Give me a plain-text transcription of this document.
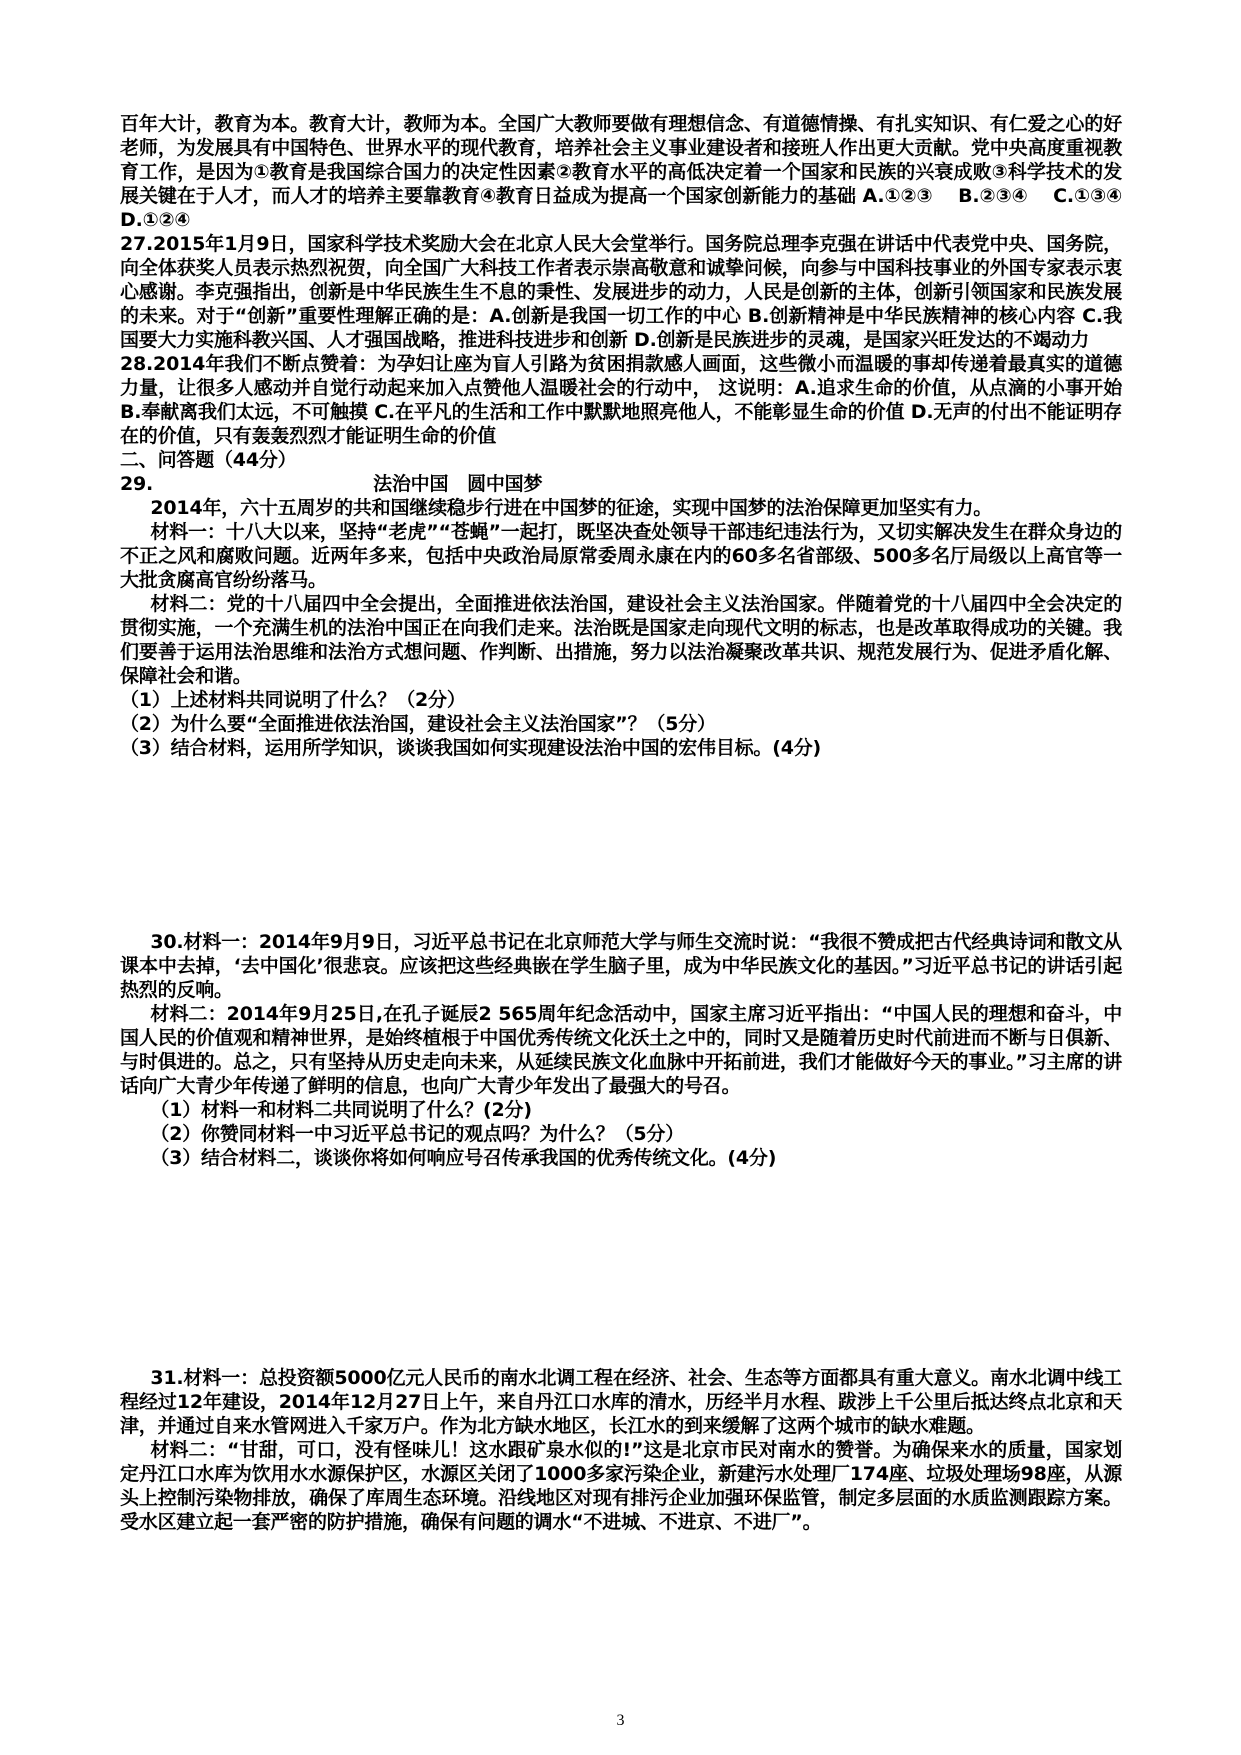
百年大计，教育为本。教育大计，教师为本。全国广大教师要做有理想信念、有道德情操、有扎实知识、有仁爱之心的好老师，为发展具有中国特色、世界水平的现代教育，培养社会主义事业建设者和接班人作出更大贡献。党中央高度重视教育工作，是因为①教育是我国综合国力的决定性因素②教育水平的高低决定着一个国家和民族的兴衰成败③科学技术的发展关键在于人才，而人才的培养主要靠教育④教育日益成为提高一个国家创新能力的基础 A.①②③　 B.②③④　 C.①③④　 D.①②④

27.2015年1月9日，国家科学技术奖励大会在北京人民大会堂举行。国务院总理李克强在讲话中代表党中央、国务院，向全体获奖人员表示热烈祝贺，向全国广大科技工作者表示崇高敬意和诚挚问候，向参与中国科技事业的外国专家表示衷心感谢。李克强指出，创新是中华民族生生不息的秉性、发展进步的动力，人民是创新的主体，创新引领国家和民族发展的未来。对于“创新”重要性理解正确的是：A.创新是我国一切工作的中心 B.创新精神是中华民族精神的核心内容 C.我国要大力实施科教兴国、人才强国战略，推进科技进步和创新 D.创新是民族进步的灵魂，是国家兴旺发达的不竭动力

28.2014年我们不断点赞着：为孕妇让座为盲人引路为贫困捐款感人画面，这些微小而温暖的事却传递着最真实的道德力量，让很多人感动并自觉行动起来加入点赞他人温暖社会的行动中， 这说明：A.追求生命的价值，从点滴的小事开始 B.奉献离我们太远，不可触摸 C.在平凡的生活和工作中默默地照亮他人，不能彰显生命的价值 D.无声的付出不能证明存在的价值，只有轰轰烈烈才能证明生命的价值

二、问答题（44分）

29.	法治中国　圆中国梦

2014年，六十五周岁的共和国继续稳步行进在中国梦的征途，实现中国梦的法治保障更加坚实有力。

材料一：十八大以来，坚持“老虎”“苍蝇”一起打，既坚决查处领导干部违纪违法行为，又切实解决发生在群众身边的不正之风和腐败问题。近两年多来，包括中央政治局原常委周永康在内的60多名省部级、500多名厅局级以上高官等一大批贪腐高官纷纷落马。

材料二：党的十八届四中全会提出，全面推进依法治国，建设社会主义法治国家。伴随着党的十八届四中全会决定的贯彻实施，一个充满生机的法治中国正在向我们走来。法治既是国家走向现代文明的标志，也是改革取得成功的关键。我们要善于运用法治思维和法治方式想问题、作判断、出措施，努力以法治凝聚改革共识、规范发展行为、促进矛盾化解、保障社会和谐。

（1）上述材料共同说明了什么？（2分）

（2）为什么要“全面推进依法治国，建设社会主义法治国家”？（5分）

（3）结合材料，运用所学知识，谈谈我国如何实现建设法治中国的宏伟目标。(4分)

30.材料一：2014年9月9日，习近平总书记在北京师范大学与师生交流时说：“我很不赞成把古代经典诗词和散文从课本中去掉，‘去中国化’很悲哀。应该把这些经典嵌在学生脑子里，成为中华民族文化的基因。”习近平总书记的讲话引起热烈的反响。

材料二：2014年9月25日,在孔子诞辰2 565周年纪念活动中，国家主席习近平指出：“中国人民的理想和奋斗，中国人民的价值观和精神世界，是始终植根于中国优秀传统文化沃土之中的，同时又是随着历史时代前进而不断与日俱新、与时俱进的。总之，只有坚持从历史走向未来，从延续民族文化血脉中开拓前进，我们才能做好今天的事业。”习主席的讲话向广大青少年传递了鲜明的信息，也向广大青少年发出了最强大的号召。

（1）材料一和材料二共同说明了什么？(2分)

（2）你赞同材料一中习近平总书记的观点吗？为什么？（5分）

（3）结合材料二，谈谈你将如何响应号召传承我国的优秀传统文化。(4分)

31.材料一：总投资额5000亿元人民币的南水北调工程在经济、社会、生态等方面都具有重大意义。南水北调中线工程经过12年建设，2014年12月27日上午，来自丹江口水库的清水，历经半月水程、跋涉上千公里后抵达终点北京和天津，并通过自来水管网进入千家万户。作为北方缺水地区，长江水的到来缓解了这两个城市的缺水难题。

材料二：“甘甜，可口，没有怪味儿！这水跟矿泉水似的!”这是北京市民对南水的赞誉。为确保来水的质量，国家划定丹江口水库为饮用水水源保护区，水源区关闭了1000多家污染企业，新建污水处理厂174座、垃圾处理场98座，从源头上控制污染物排放，确保了库周生态环境。沿线地区对现有排污企业加强环保监管，制定多层面的水质监测跟踪方案。受水区建立起一套严密的防护措施，确保有问题的调水“不进城、不进京、不进厂”。

3
